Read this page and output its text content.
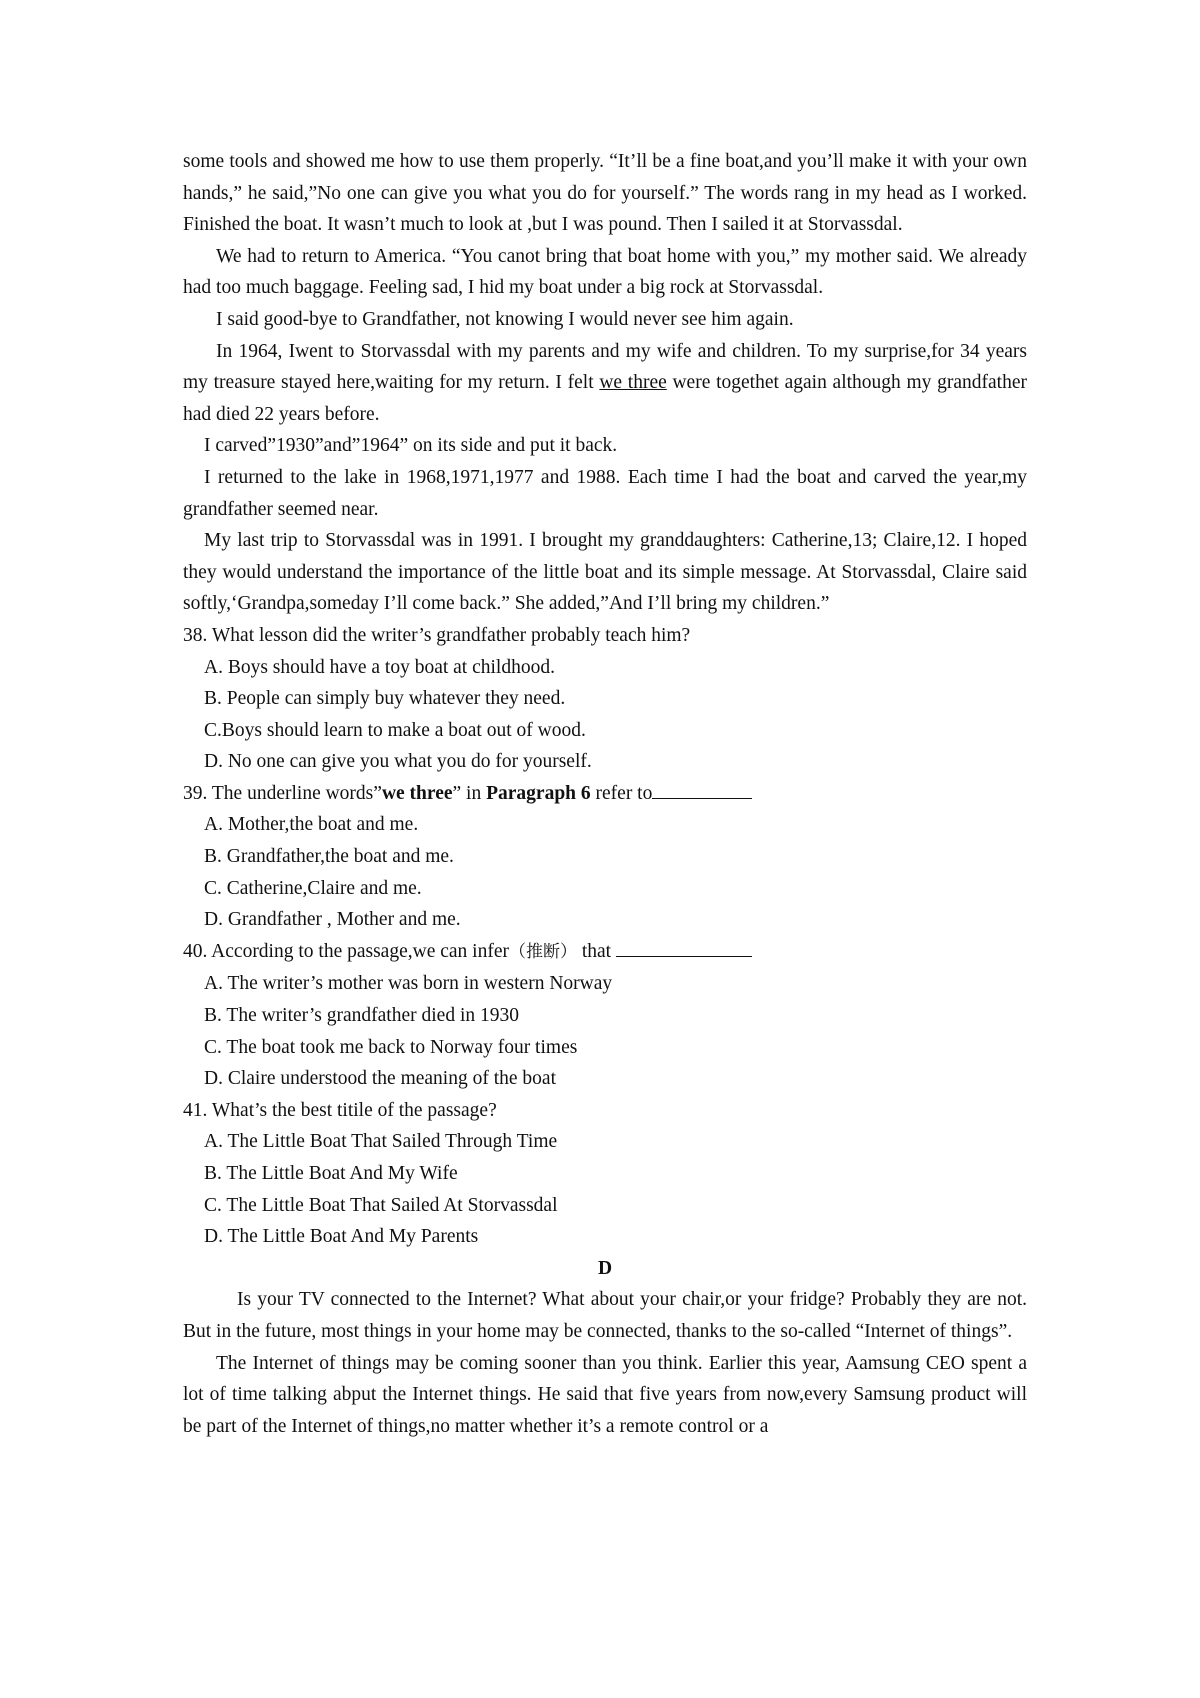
some tools and showed me how to use them properly. “It’ll be a fine boat,and you’ll make it with your own hands,” he said,”No one can give you what you do for yourself.” The words rang in my head as I worked. Finished the boat. It wasn’t much to look at ,but I was pound. Then I sailed it at Storvassdal.

We had to return to America. “You canot bring that boat home with you,” my mother said. We already had too much baggage. Feeling sad, I hid my boat under a big rock at Storvassdal.

I said good-bye to Grandfather, not knowing I would never see him again.

In 1964, Iwent to Storvassdal with my parents and my wife and children. To my surprise,for 34 years my treasure stayed here,waiting for my return. I felt we three were togethet again although my grandfather had died 22 years before.

I carved”1930”and”1964” on its side and put it back.

I returned to the lake in 1968,1971,1977 and 1988. Each time I had the boat and carved the year,my grandfather seemed near.

My last trip to Storvassdal was in 1991. I brought my granddaughters: Catherine,13; Claire,12. I hoped they would understand the importance of the little boat and its simple message. At Storvassdal, Claire said softly,‘Grandpa,someday I’ll come back.” She added,”And I’ll bring my children.”

38. What lesson did the writer’s grandfather probably teach him?

A. Boys should have a toy boat at childhood.

B. People can simply buy whatever they need.

C.Boys should learn to make a boat out of wood.

D. No one can give you what you do for yourself.

39. The underline words”we three” in Paragraph 6 refer to

A. Mother,the boat and me.

B. Grandfather,the boat and me.

C. Catherine,Claire and me.

D. Grandfather , Mother and me.

40. According to the passage,we can infer（推断） that

A. The writer’s mother was born in western Norway

B. The writer’s grandfather died in 1930

C. The boat took me back to Norway four times

D. Claire understood the meaning of the boat

41. What’s the best titile of the passage?

A. The Little Boat That Sailed Through Time

B. The Little Boat And My Wife

C. The Little Boat That Sailed At Storvassdal

D. The Little Boat And My Parents

D

Is your TV connected to the Internet? What about your chair,or your fridge? Probably they are not. But in the future, most things in your home may be connected, thanks to the so-called “Internet of things”.

The Internet of things may be coming sooner than you think. Earlier this year, Aamsung CEO spent a lot of time talking abput the Internet things. He said that five years from now,every Samsung product will be part of the Internet of things,no matter whether it’s a remote control or a
